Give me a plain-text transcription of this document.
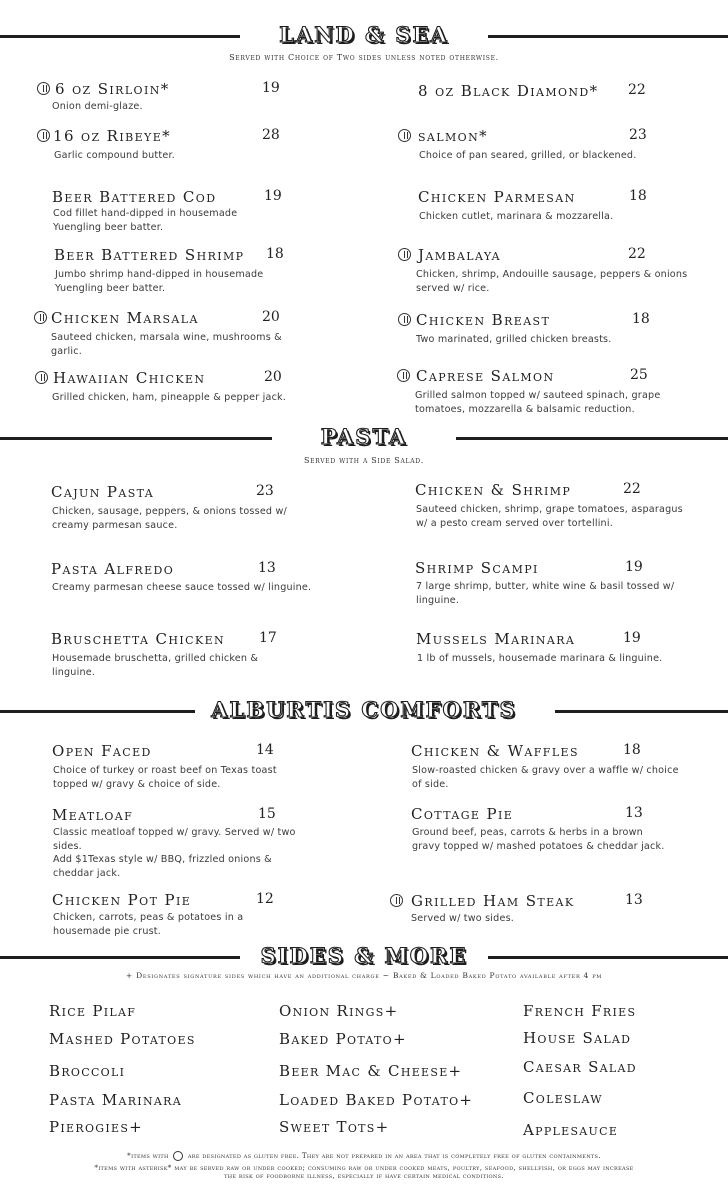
LAND & SEA
Served with Choice of Two sides unless noted otherwise.
6 oz Sirloin*	19
Onion demi-glaze.
8 oz Black Diamond* 22
16 oz Ribeye*	28
Garlic compound butter.
salmon*	23
Choice of pan seared, grilled, or blackened.
Beer Battered Cod	19
Cod fillet hand-dipped in housemade Yuengling beer batter.
Chicken Parmesan	18
Chicken cutlet, marinara & mozzarella.
Beer Battered Shrimp 18
Jumbo shrimp hand-dipped in housemade Yuengling beer batter.
Jambalaya	22
Chicken, shrimp, Andouille sausage, peppers & onions served w/ rice.
Chicken Marsala	20
Sauteed chicken, marsala wine, mushrooms & garlic.
Chicken Breast	18
Two marinated, grilled chicken breasts.
Hawaiian Chicken	20
Grilled chicken, ham, pineapple & pepper jack.
Caprese Salmon	25
Grilled salmon topped w/ sauteed spinach, grape tomatoes, mozzarella & balsamic reduction.
PASTA
Served with a Side Salad.
Cajun Pasta	23
Chicken, sausage, peppers, & onions tossed w/ creamy parmesan sauce.
Chicken & Shrimp	22
Sauteed chicken, shrimp, grape tomatoes, asparagus w/ a pesto cream served over tortellini.
Pasta Alfredo	13
Creamy parmesan cheese sauce tossed w/ linguine.
Shrimp Scampi	19
7 large shrimp, butter, white wine & basil tossed w/ linguine.
Bruschetta Chicken 17
Housemade bruschetta, grilled chicken & linguine.
Mussels Marinara	19
1 lb of mussels, housemade marinara & linguine.
ALBURTIS COMFORTS
Open Faced	14
Choice of turkey or roast beef on Texas toast topped w/ gravy & choice of side.
Chicken & Waffles	18
Slow-roasted chicken & gravy over a waffle w/ choice of side.
Meatloaf	15
Classic meatloaf topped w/ gravy. Served w/ two sides.
Add $1Texas style w/ BBQ, frizzled onions & cheddar jack.
Cottage Pie	13
Ground beef, peas, carrots & herbs in a brown gravy topped w/ mashed potatoes & cheddar jack.
Chicken Pot Pie	12
Chicken, carrots, peas & potatoes in a housemade pie crust.
Grilled Ham Steak	13
Served w/ two sides.
SIDES & MORE
+ Designates signature sides which have an additional charge ~ Baked & Loaded Baked Potato available after 4 pm
Rice Pilaf
Mashed Potatoes
Broccoli
Pasta Marinara
Pierogies+
Onion Rings+
Baked Potato+
Beer Mac & Cheese+
Loaded Baked Potato+
Sweet Tots+
French Fries
House Salad
Caesar Salad
Coleslaw
Applesauce
*items with	are designated as gluten free. They are not prepared in an area that is completely free of gluten containments.
*items with asterisk* may be served raw or under cooked; consuming raw or under cooked meats, poultry, seafood, shellfish, or eggs may increase
the risk of foodborne illness, especially if have certain medical conditions.
